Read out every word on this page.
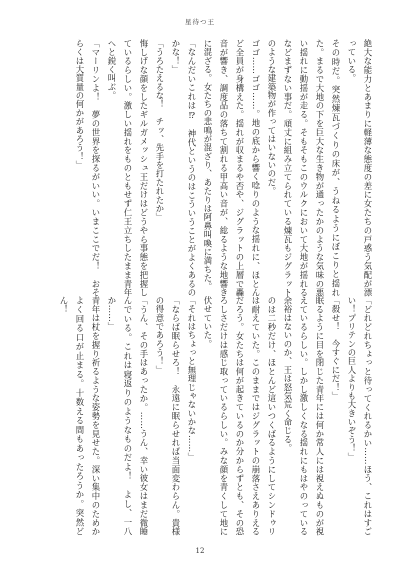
星待つ王

絶大な能力とあまりに軽薄な態度の差に女たちの戸惑う気配が漂っている。

その時だ。突然煉瓦づくりの床が、うねるようにぼこりと揺れた。まるで大地の下を巨大な生き物が通ったかのような気味の悪い揺れに動揺が走る。そもそもこのウルクにおいて大地が揺れるなどまずない事だ。頑丈に組み立てられている煉瓦もジグラットのような建築物が作ってはいないのだ。

ゴゴ……ゴゴ……。地の底から響く唸りのような揺れに、ほとんど全員が身構えた。揺れが収まるや否や、ジグラットの上層で轟音が響き、調度品の落ちて割れる甲高い音が、総るような地響きに混ざる。女たちの悲鳴が混ざり、あたりは阿鼻叫喚に満ちた。

「なんだいこれは⁉　神代というのはこういうことがよくあるのかな！」

「うろたえるな！　チッ、先手を打たれたか」

悔しげな顔をしたギルガメッシュ王だけはどうやら事態を把握しているらしい。激しい揺れをものともせず仁王立ちしたまま青年へと鋭く叫ぶ。

「マーリンよ！　夢の世界を探るがいい。いまここでだ！　おそらくは大質量の何かがあろう！」

「どれどれちょっと待ってくれるかい……ほう、これはすごい！プリテンの巨人よりも大きいぞう！」

「殺せ！　今すぐにだ！」

眠るように目を閉じた青年には何か常人には視えぬものが視えているらしい。しかし激しくなる揺れにもはやのっている余裕はないのか、王は怒気荒く命じる。

のは二秒だけ、ほとんど這いつくばるようにしてシンドゥリは耐えていた。このままではジグラットの崩落さえありえるだろう。女たちは何が起きているのか分からずとも、その恐ろしさだけは感じ取っているらしい。みな顔を青くして地に伏せていた。

「それはちょっと無理じゃないかな……」

「ならば眠らせろ！　永遠に眠らせれば当面変わらん。貴様の得意であろう！」

「うん、その手はあったか。……うん、幸い彼女はまだ微睡んでいる。これは寝返りのようなものだよ！　よし、一八か……」

青年は杖を握り祈るような姿勢を見せた。深い集中のためかよく回る口が止まる。十数える間もあったろうか。突然どん！

12
